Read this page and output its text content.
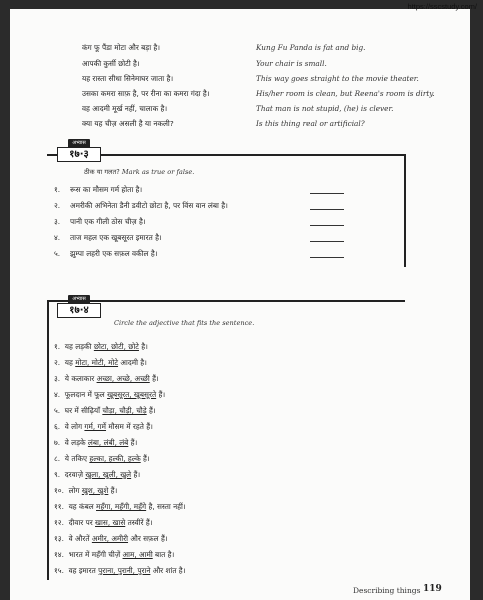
कंग फू पैंडा मोटा और बड़ा है।	Kung Fu Panda is fat and big.
आपकी कुर्सी छोटी है।	Your chair is small.
यह रास्ता सीधा सिनेमाघर जाता है।	This way goes straight to the movie theater.
उसका कमरा साफ़ है, पर रीना का कमरा गंदा है।	His/her room is clean, but Reena's room is dirty.
वह आदमी मूर्ख नहीं, चालाक है।	That man is not stupid, (he) is clever.
क्या यह चीज़ असली है या नकली?	Is this thing real or artificial?
अभ्यास
१७·३
ठीक या गलत? Mark as true or false.
१. रूस का मौसम गर्म होता है।
२. अमरीकी अभिनेता डैनी डवीटो छोटा है, पर विंस वान लंबा है।
३. पानी एक गीली ठोस चीज़ है।
४. ताज महल एक खूबसूरत इमारत है।
५. झुम्पा लहरी एक सफ़ल वकील है।
अभ्यास
१७·४
Circle the adjective that fits the sentence.
१. यह लड़की छोटा, छोटी, छोटे है।
२. यह मोटा, मोटी, मोटे आदमी है।
३. ये कलाकार अच्छा, अच्छे, अच्छी हैं।
४. फूलदान में फूल खूबसूरत, खूबसूरते हैं।
५. घर में सीढ़ियाँ चौड़ा, चौड़ी, चौड़े हैं।
६. वे लोग गर्म, गर्मे मौसम में रहते हैं।
७. वे लड़के लंबा, लंबी, लंबे हैं।
८. ये तकिए हल्का, हल्की, हल्के हैं।
९. दरवाज़े खुला, खुली, खुले हैं।
१०. लोग खुश, खुशे हैं।
११. यह कंबल महँगा, महँगी, महँगे है, सस्ता नहीं।
१२. दीवार पर खास, खासे तस्वीरें हैं।
१३. वे औरतें अमीर, अमीरी और सफ़ल हैं।
१४. भारत में महँगी चीज़ें आम, आमी बात है।
१५. वह इमारत पुराना, पुरानी, पुराने और शांत है।
Describing things 119
https://sscstudy.com/
